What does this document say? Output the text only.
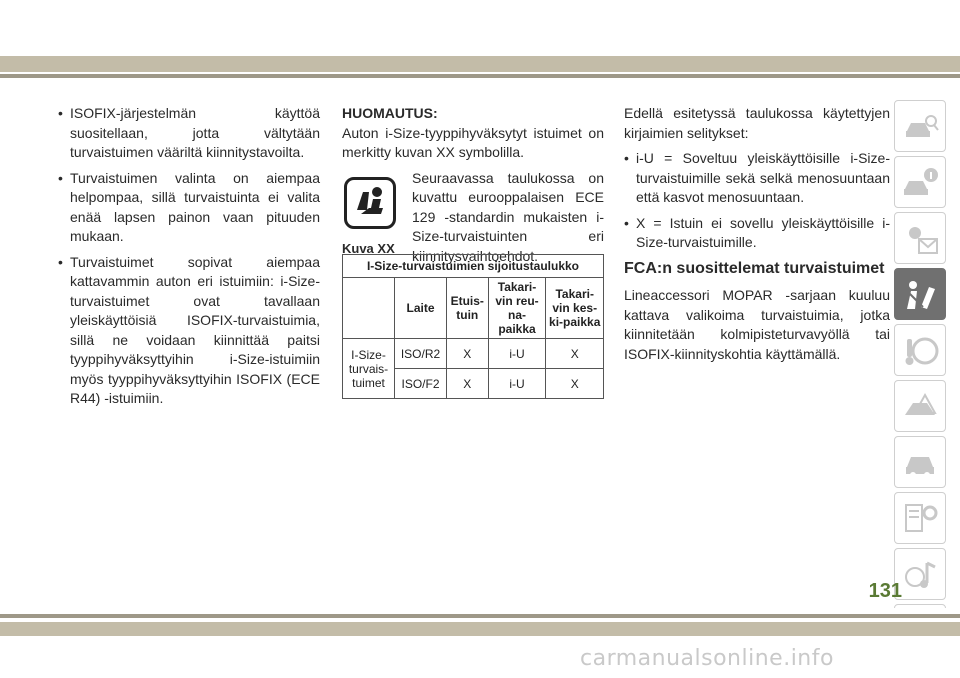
• ISOFIX-järjestelmän käyttöä suositellaan, jotta vältytään turvaistuimen vääriltä kiinnitystavoilta.
• Turvaistuimen valinta on aiempaa helpompaa, sillä turvaistuinta ei valita enää lapsen painon vaan pituuden mukaan.
• Turvaistuimet sopivat aiempaa kattavammin auton eri istuimiin: i-Size-turvaistuimet ovat tavallaan yleiskäyttöisiä ISOFIX-turvaistuimia, sillä ne voidaan kiinnittää paitsi tyyppihyväksyttyihin i-Size-istuimiin myös tyyppihyväksyttyihin ISOFIX (ECE R44) -istuimiin.
HUOMAUTUS:
Auton i-Size-tyyppihyväksytyt istuimet on merkitty kuvan XX symbolilla.
Kuva XX
Seuraavassa taulukossa on kuvattu eurooppalaisen ECE 129 -standardin mukaisten i-Size-turvaistuinten eri kiinnitysvaihtoehdot.
I-Size-turvaistuimien sijoitustaulukko				
	Laite	Etuis-tuin	Takari-vin reu-na-paikka	Takari-vin kes-ki-paikka
I-Size-turvais-tuimet	ISO/R2	X	i-U	X
	ISO/F2	X	i-U	X
Edellä esitetyssä taulukossa käytettyjen kirjaimien selitykset:
• i-U = Soveltuu yleiskäyttöisille i-Size-turvaistuimille sekä selkä menosuuntaan että kasvot menosuuntaan.
• X = Istuin ei sovellu yleiskäyttöisille i-Size-turvaistuimille.
FCA:n suosittelemat turvaistuimet
Lineaccessori MOPAR -sarjaan kuuluu kattava valikoima turvaistuimia, jotka kiinnitetään kolmipisteturvavyöllä tai ISOFIX-kiinnityskohtia käyttämällä.
131
carmanualsonline.info
